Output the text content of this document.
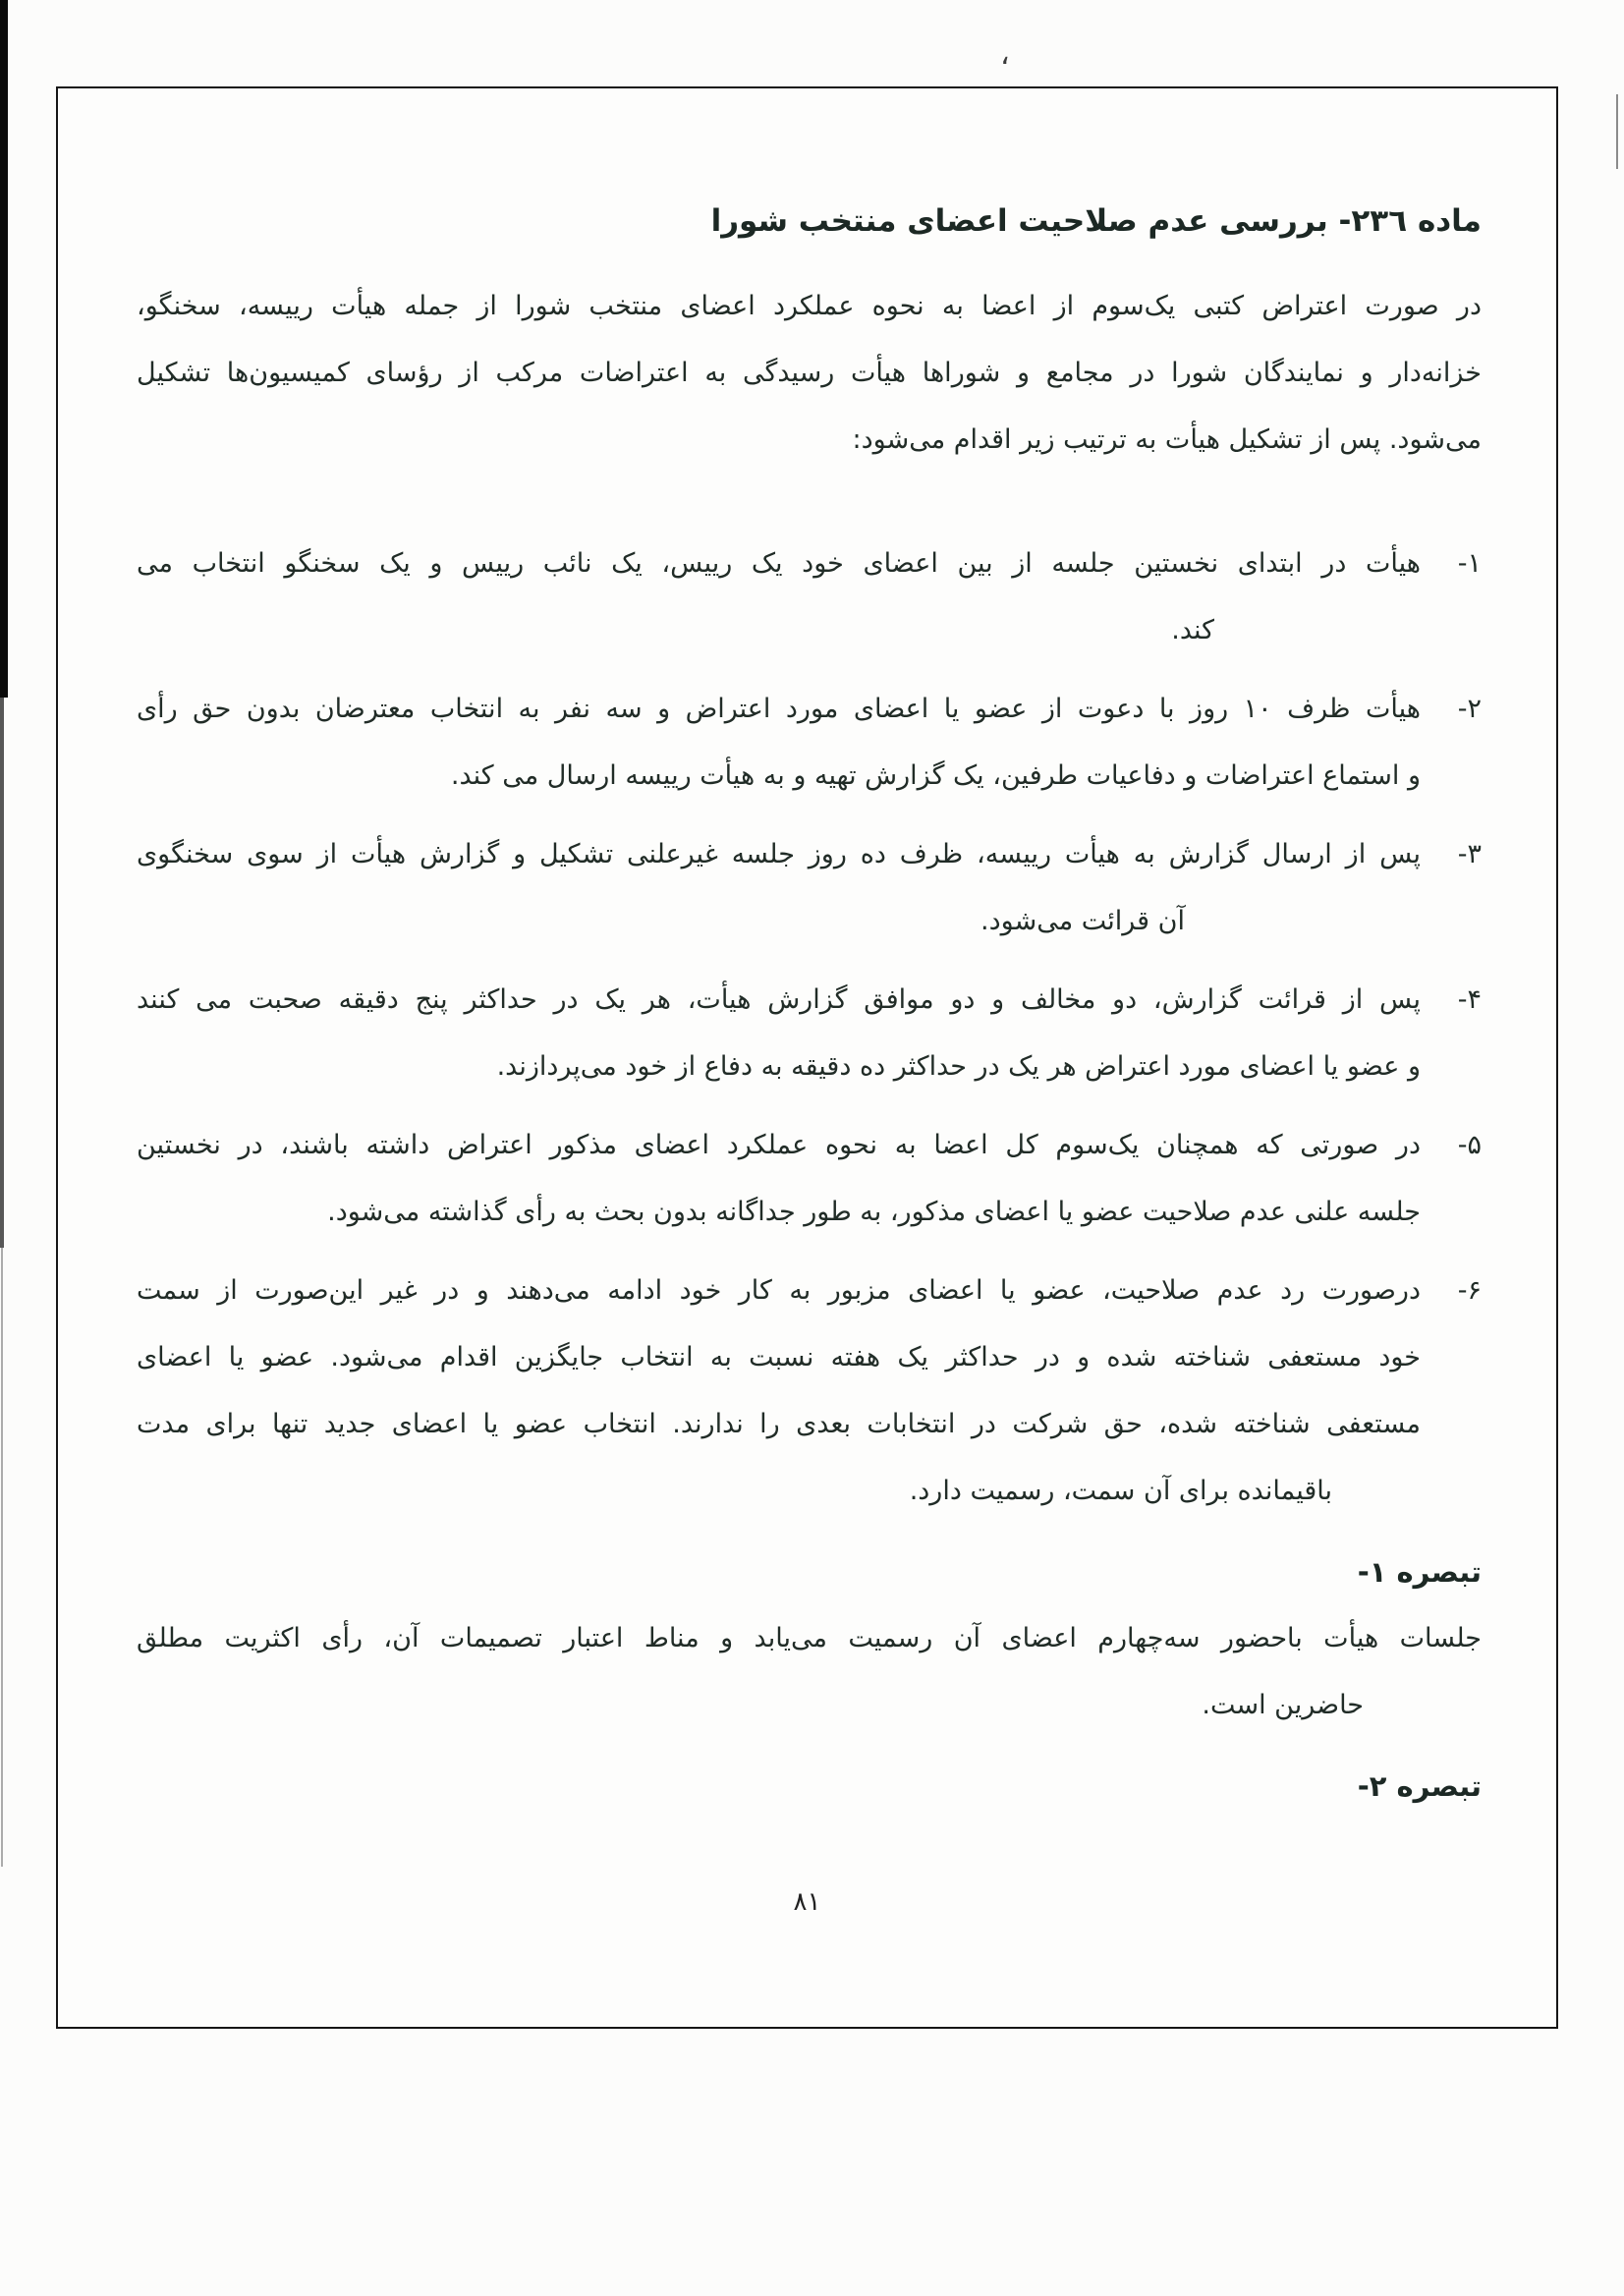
،
ماده ٢٣٦- بررسی عدم صلاحیت اعضای منتخب شورا
در صورت اعتراض کتبی یک‌سوم از اعضا به نحوه عملکرد اعضای منتخب شورا از جمله هیأت رییسه، سخنگو،
خزانه‌دار و نمایندگان شورا در مجامع و شوراها هیأت رسیدگی به اعتراضات مرکب از رؤسای کمیسیون‌ها تشکیل
می‌شود. پس از تشکیل هیأت به ترتیب زیر اقدام می‌شود:
۱-
هیأت در ابتدای نخستین جلسه از بین اعضای خود یک رییس، یک نائب رییس و یک سخنگو انتخاب می
کند.
۲-
هیأت ظرف ۱۰ روز با دعوت از عضو یا اعضای مورد اعتراض و سه نفر به انتخاب معترضان بدون حق رأی
و استماع اعتراضات و دفاعیات طرفین، یک گزارش تهیه و به هیأت رییسه ارسال می کند.
۳-
پس از ارسال گزارش به هیأت رییسه، ظرف ده روز جلسه غیرعلنی تشکیل و گزارش هیأت از سوی سخنگوی
آن قرائت می‌شود.
۴-
پس از قرائت گزارش، دو مخالف و دو موافق گزارش هیأت، هر یک در حداکثر پنج دقیقه صحبت می کنند
و عضو یا اعضای مورد اعتراض هر یک در حداکثر ده دقیقه به دفاع از خود می‌پردازند.
۵-
در صورتی که همچنان یک‌سوم کل اعضا به نحوه عملکرد اعضای مذکور اعتراض داشته باشند، در نخستین
جلسه علنی عدم صلاحیت عضو یا اعضای مذکور، به طور جداگانه بدون بحث به رأی گذاشته می‌شود.
۶-
درصورت رد عدم صلاحیت، عضو یا اعضای مزبور به کار خود ادامه می‌دهند و در غیر این‌صورت از سمت
خود مستعفی شناخته شده و در حداکثر یک هفته نسبت به انتخاب جایگزین اقدام می‌شود. عضو یا اعضای
مستعفی شناخته شده، حق شرکت در انتخابات بعدی را ندارند. انتخاب عضو یا اعضای جدید تنها برای مدت
باقیمانده برای آن سمت، رسمیت دارد.
تبصره ۱-
جلسات هیأت باحضور سه‌چهارم اعضای آن رسمیت می‌یابد و مناط اعتبار تصمیمات آن، رأی اکثریت مطلق
حاضرین است.
تبصره ۲-
۸۱
